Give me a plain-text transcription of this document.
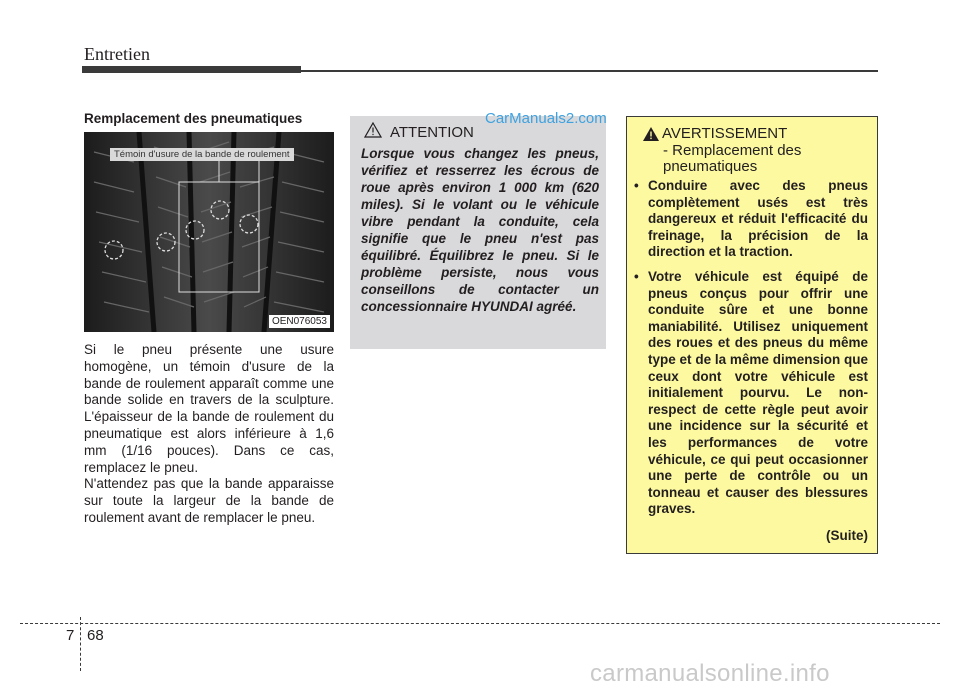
Entretien
Remplacement des pneumatiques
OEN076053
Témoin d'usure de la bande de roulement

Si le pneu présente une usure homogène, un témoin d'usure de la bande de roulement apparaît comme une bande solide en travers de la sculpture. L'épaisseur de la bande de roulement du pneumatique est alors inférieure à 1,6 mm (1/16 pouces). Dans ce cas, remplacez le pneu.

N'attendez pas que la bande apparaisse sur toute la largeur de la bande de roulement avant de remplacer le pneu.

ATTENTION

Lorsque vous changez les pneus, vérifiez et resserrez les écrous de roue après environ 1 000 km (620 miles). Si le volant ou le véhicule vibre pendant la conduite, cela signifie que le pneu n'est pas équilibré. Équilibrez le pneu. Si le problème persiste, nous vous conseillons de contacter un concessionnaire HYUNDAI agréé.

CarManuals2.com
AVERTISSEMENT
- Remplacement des pneumatiques
• Conduire avec des pneus complètement usés est très dangereux et réduit l'efficacité du freinage, la précision de la direction et la traction.
• Votre véhicule est équipé de pneus conçus pour offrir une conduite sûre et une bonne maniabilité. Utilisez uniquement des roues et des pneus du même type et de la même dimension que ceux dont votre véhicule est initialement pourvu. Le non-respect de cette règle peut avoir une incidence sur la sécurité et les performances de votre véhicule, ce qui peut occasionner une perte de contrôle ou un tonneau et causer des blessures graves.
(Suite)
7 68
carmanualsonline.info
